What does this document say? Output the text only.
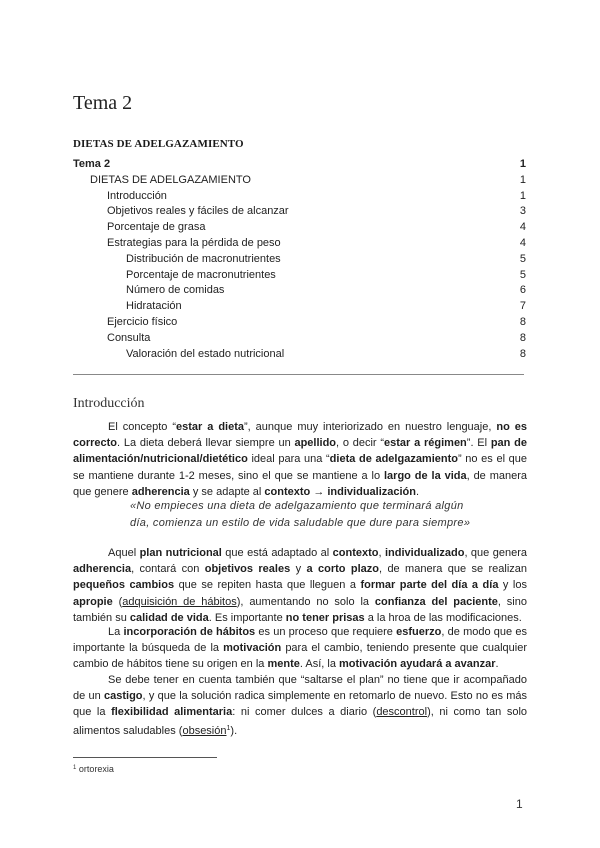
Tema 2
DIETAS DE ADELGAZAMIENTO
Tema 2	1
DIETAS DE ADELGAZAMIENTO	1
Introducción	1
Objetivos reales y fáciles de alcanzar	3
Porcentaje de grasa	4
Estrategias para la pérdida de peso	4
Distribución de macronutrientes	5
Porcentaje de macronutrientes	5
Número de comidas	6
Hidratación	7
Ejercicio físico	8
Consulta	8
Valoración del estado nutricional	8
Introducción

El concepto “estar a dieta”, aunque muy interiorizado en nuestro lenguaje, no es correcto. La dieta deberá llevar siempre un apellido, o decir “estar a régimen”. El pan de alimentación/nutricional/dietético ideal para una “dieta de adelgazamiento” no es el que se mantiene durante 1-2 meses, sino el que se mantiene a lo largo de la vida, de manera que genere adherencia y se adapte al contexto → individualización.

«No empieces una dieta de adelgazamiento que terminará algún día, comienza un estilo de vida saludable que dure para siempre»

Aquel plan nutricional que está adaptado al contexto, individualizado, que genera adherencia, contará con objetivos reales y a corto plazo, de manera que se realizan pequeños cambios que se repiten hasta que lleguen a formar parte del día a día y los apropie (adquisición de hábitos), aumentando no solo la confianza del paciente, sino también su calidad de vida. Es importante no tener prisas a la hroa de las modificaciones.

La incorporación de hábitos es un proceso que requiere esfuerzo, de modo que es importante la búsqueda de la motivación para el cambio, teniendo presente que cualquier cambio de hábitos tiene su origen en la mente. Así, la motivación ayudará a avanzar.

Se debe tener en cuenta también que “saltarse el plan” no tiene que ir acompañado de un castigo, y que la solución radica simplemente en retomarlo de nuevo. Esto no es más que la flexibilidad alimentaria: ni comer dulces a diario (descontrol), ni como tan solo alimentos saludables (obsesión$^1$).

$^1$ ortorexia
1
